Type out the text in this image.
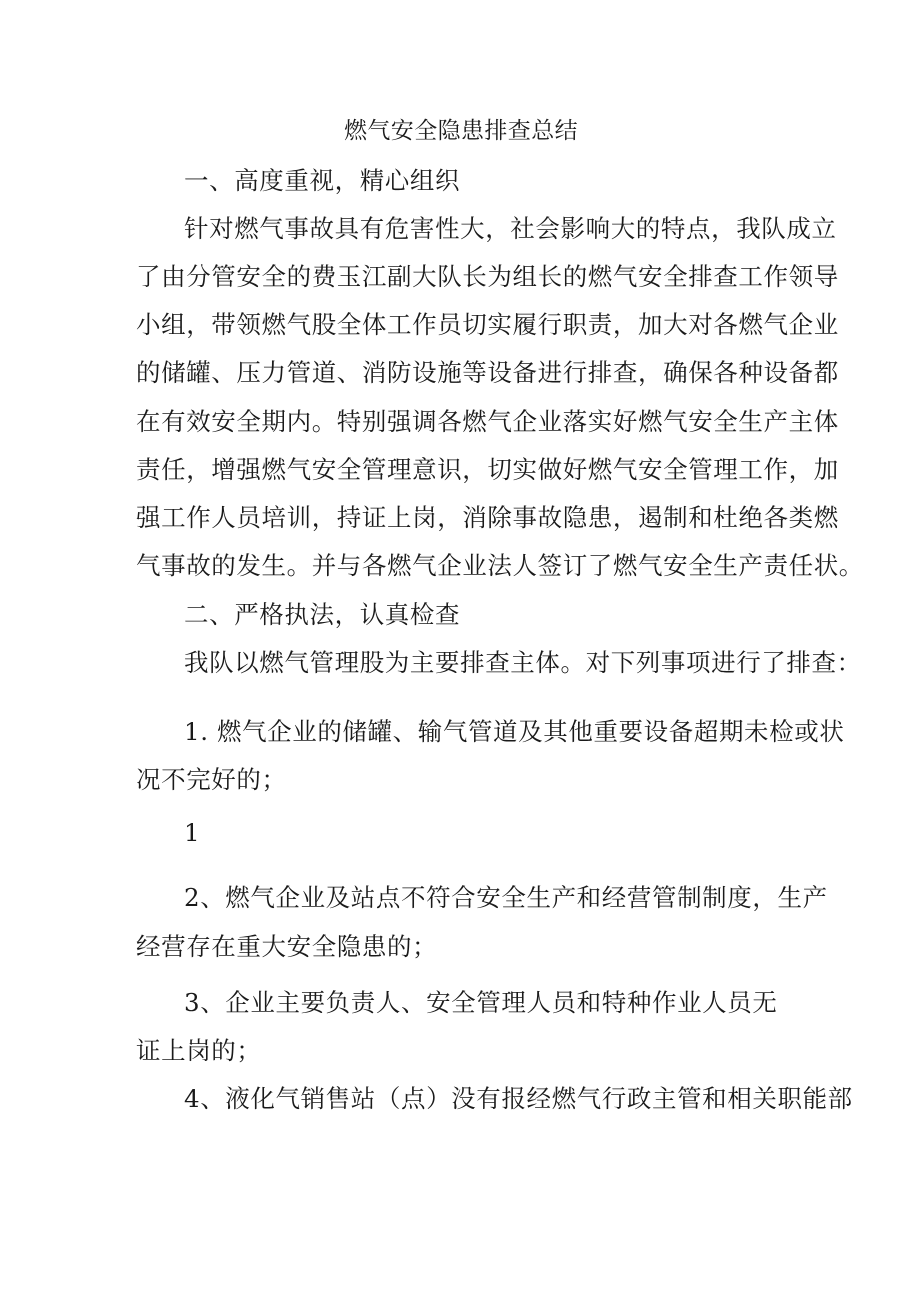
燃气安全隐患排查总结

一、高度重视，精心组织

针对燃气事故具有危害性大，社会影响大的特点，我队成立

了由分管安全的费玉江副大队长为组长的燃气安全排查工作领导

小组，带领燃气股全体工作员切实履行职责，加大对各燃气企业

的储罐、压力管道、消防设施等设备进行排查，确保各种设备都

在有效安全期内。特别强调各燃气企业落实好燃气安全生产主体

责任，增强燃气安全管理意识，切实做好燃气安全管理工作，加

强工作人员培训，持证上岗，消除事故隐患，遏制和杜绝各类燃

气事故的发生。并与各燃气企业法人签订了燃气安全生产责任状。

二、严格执法，认真检查

我队以燃气管理股为主要排查主体。对下列事项进行了排查：

1. 燃气企业的储罐、输气管道及其他重要设备超期未检或状

况不完好的；

1

2、燃气企业及站点不符合安全生产和经营管制制度，生产

经营存在重大安全隐患的；

3、企业主要负责人、安全管理人员和特种作业人员无

证上岗的；

4、液化气销售站（点）没有报经燃气行政主管和相关职能部
